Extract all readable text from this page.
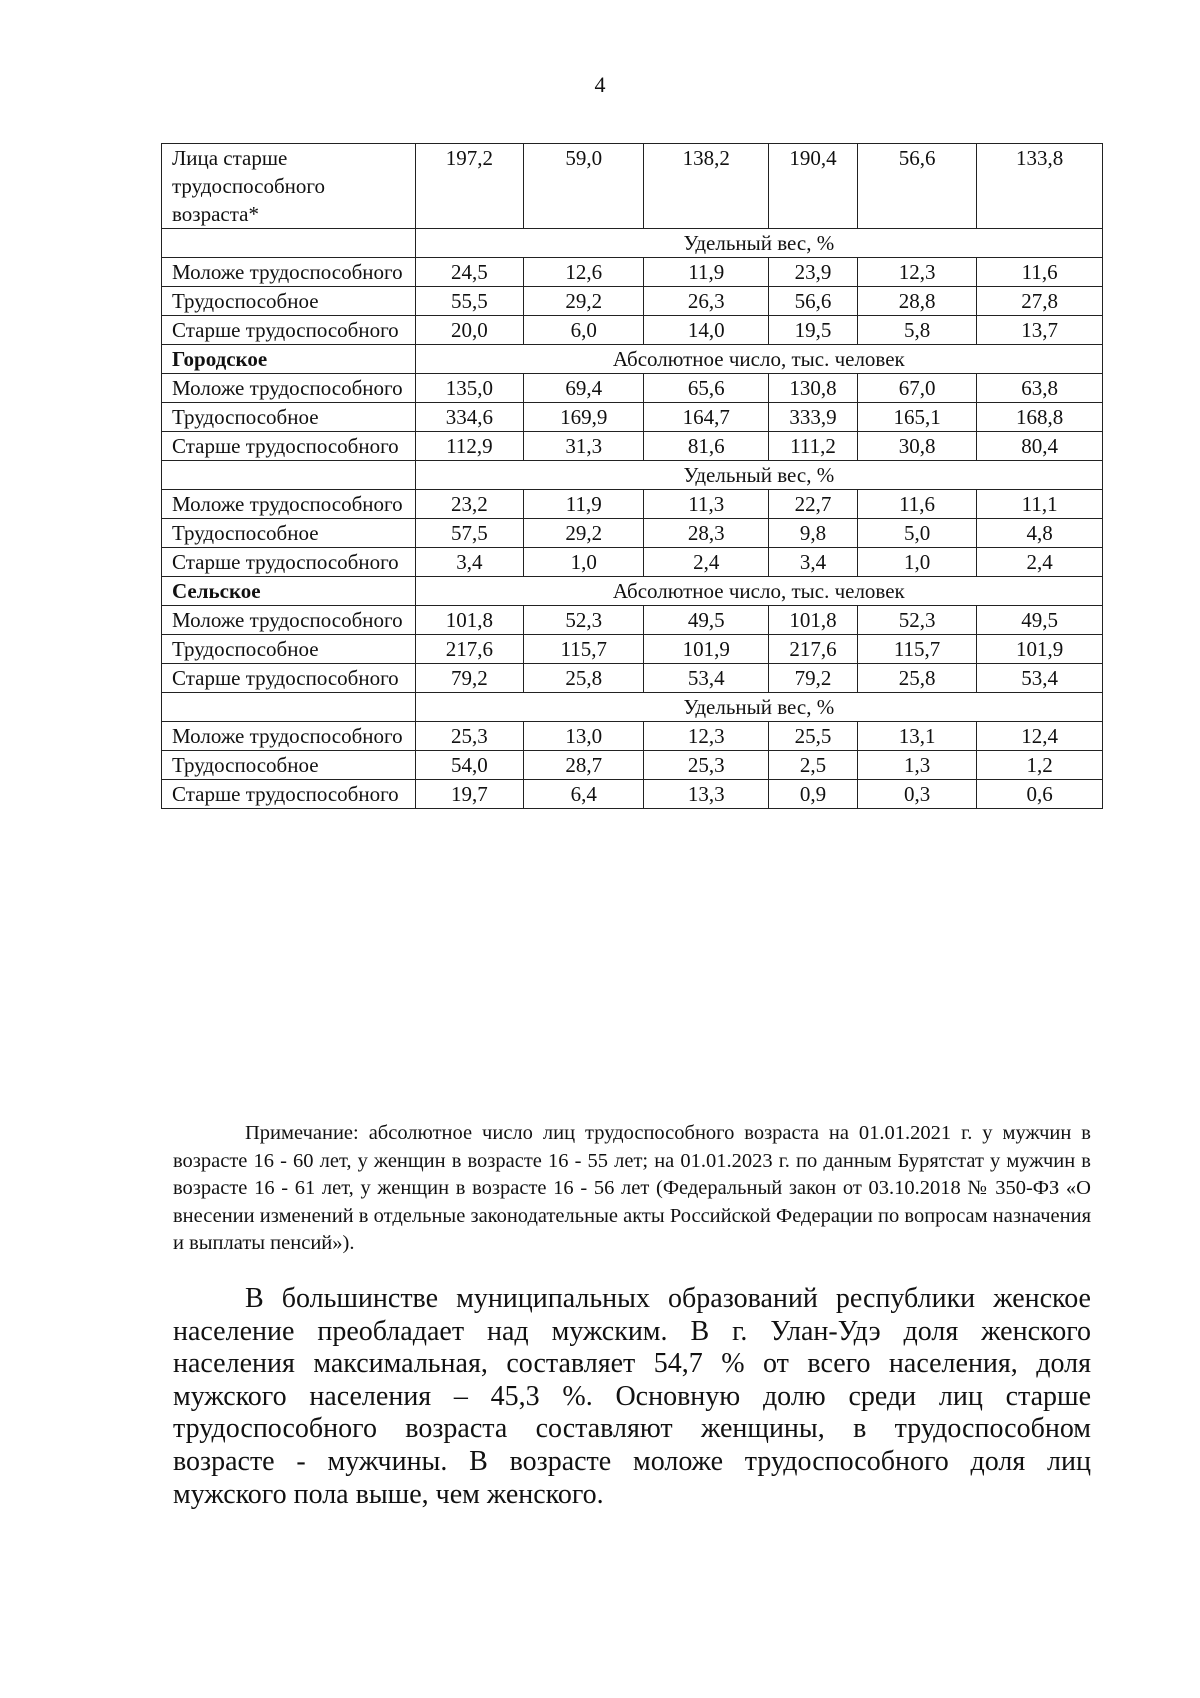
4
Лица старше трудоспособного возраста*	197,2	59,0	138,2	190,4	56,6	133,8
	Удельный вес, %					
Моложе трудоспособного	24,5	12,6	11,9	23,9	12,3	11,6
Трудоспособное	55,5	29,2	26,3	56,6	28,8	27,8
Старше трудоспособного	20,0	6,0	14,0	19,5	5,8	13,7
Городское	Абсолютное число, тыс. человек					
Моложе трудоспособного	135,0	69,4	65,6	130,8	67,0	63,8
Трудоспособное	334,6	169,9	164,7	333,9	165,1	168,8
Старше трудоспособного	112,9	31,3	81,6	111,2	30,8	80,4
	Удельный вес, %					
Моложе трудоспособного	23,2	11,9	11,3	22,7	11,6	11,1
Трудоспособное	57,5	29,2	28,3	9,8	5,0	4,8
Старше трудоспособного	3,4	1,0	2,4	3,4	1,0	2,4
Сельское	Абсолютное число, тыс. человек					
Моложе трудоспособного	101,8	52,3	49,5	101,8	52,3	49,5
Трудоспособное	217,6	115,7	101,9	217,6	115,7	101,9
Старше трудоспособного	79,2	25,8	53,4	79,2	25,8	53,4
	Удельный вес, %					
Моложе трудоспособного	25,3	13,0	12,3	25,5	13,1	12,4
Трудоспособное	54,0	28,7	25,3	2,5	1,3	1,2
Старше трудоспособного	19,7	6,4	13,3	0,9	0,3	0,6

Примечание: абсолютное число лиц трудоспособного возраста на 01.01.2021 г. у мужчин в возрасте 16 - 60 лет, у женщин в возрасте 16 - 55 лет; на 01.01.2023 г. по данным Бурятстат у мужчин в возрасте 16 - 61 лет, у женщин в возрасте 16 - 56 лет (Федеральный закон от 03.10.2018 № 350-ФЗ «О внесении изменений в отдельные законодательные акты Российской Федерации по вопросам назначения и выплаты пенсий»).

В большинстве муниципальных образований республики женское население преобладает над мужским. В г. Улан-Удэ доля женского населения максимальная, составляет 54,7 % от всего населения, доля мужского населения – 45,3 %. Основную долю среди лиц старше трудоспособного возраста составляют женщины, в трудоспособном возрасте - мужчины. В возрасте моложе трудоспособного доля лиц мужского пола выше, чем женского.
